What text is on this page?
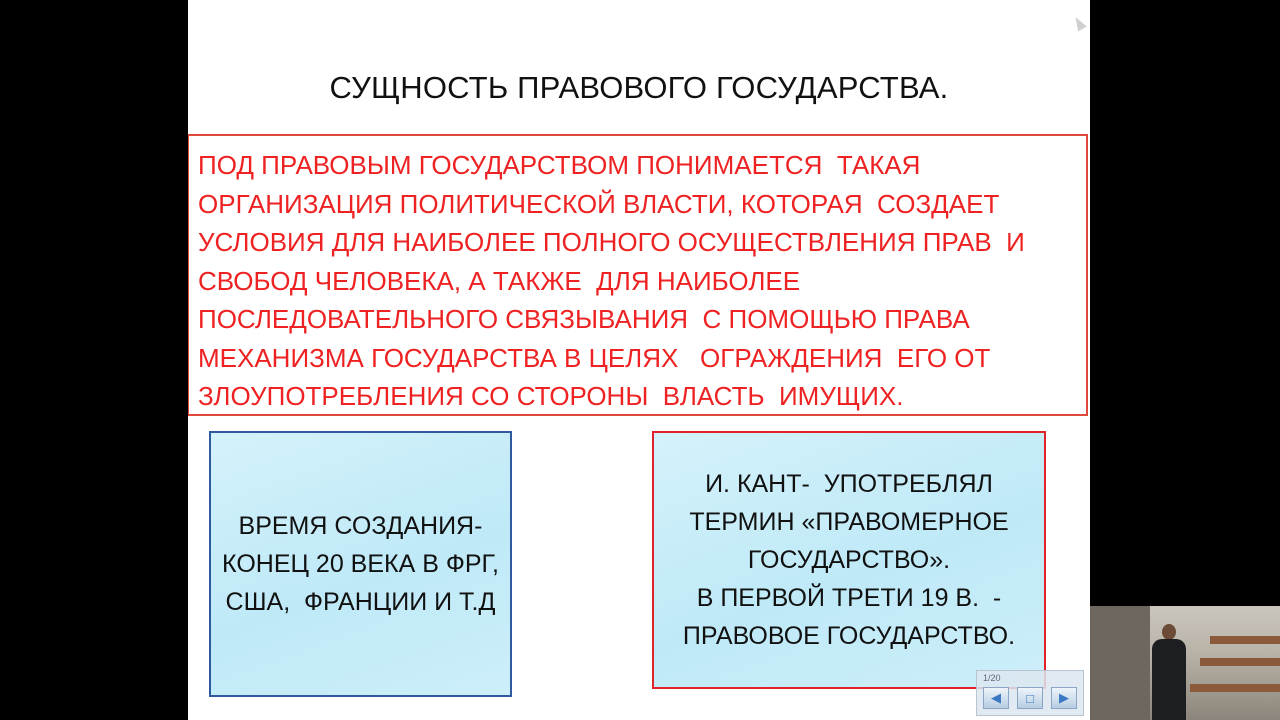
СУЩНОСТЬ ПРАВОВОГО ГОСУДАРСТВА.
ПОД ПРАВОВЫМ ГОСУДАРСТВОМ ПОНИМАЕТСЯ  ТАКАЯ
ОРГАНИЗАЦИЯ ПОЛИТИЧЕСКОЙ ВЛАСТИ, КОТОРАЯ  СОЗДАЕТ
УСЛОВИЯ ДЛЯ НАИБОЛЕЕ ПОЛНОГО ОСУЩЕСТВЛЕНИЯ ПРАВ  И
СВОБОД ЧЕЛОВЕКА, А ТАКЖЕ  ДЛЯ НАИБОЛЕЕ
ПОСЛЕДОВАТЕЛЬНОГО СВЯЗЫВАНИЯ  С ПОМОЩЬЮ ПРАВА
МЕХАНИЗМА ГОСУДАРСТВА В ЦЕЛЯХ   ОГРАЖДЕНИЯ  ЕГО ОТ
ЗЛОУПОТРЕБЛЕНИЯ СО СТОРОНЫ  ВЛАСТЬ  ИМУЩИХ.
ВРЕМЯ СОЗДАНИЯ-
КОНЕЦ 20 ВЕКА В ФРГ,
США,  ФРАНЦИИ И Т.Д
И. КАНТ-  УПОТРЕБЛЯЛ
ТЕРМИН «ПРАВОМЕРНОЕ
ГОСУДАРСТВО».
В ПЕРВОЙ ТРЕТИ 19 В.  -
ПРАВОВОЕ ГОСУДАРСТВО.
1/20
◀ □ ▶
